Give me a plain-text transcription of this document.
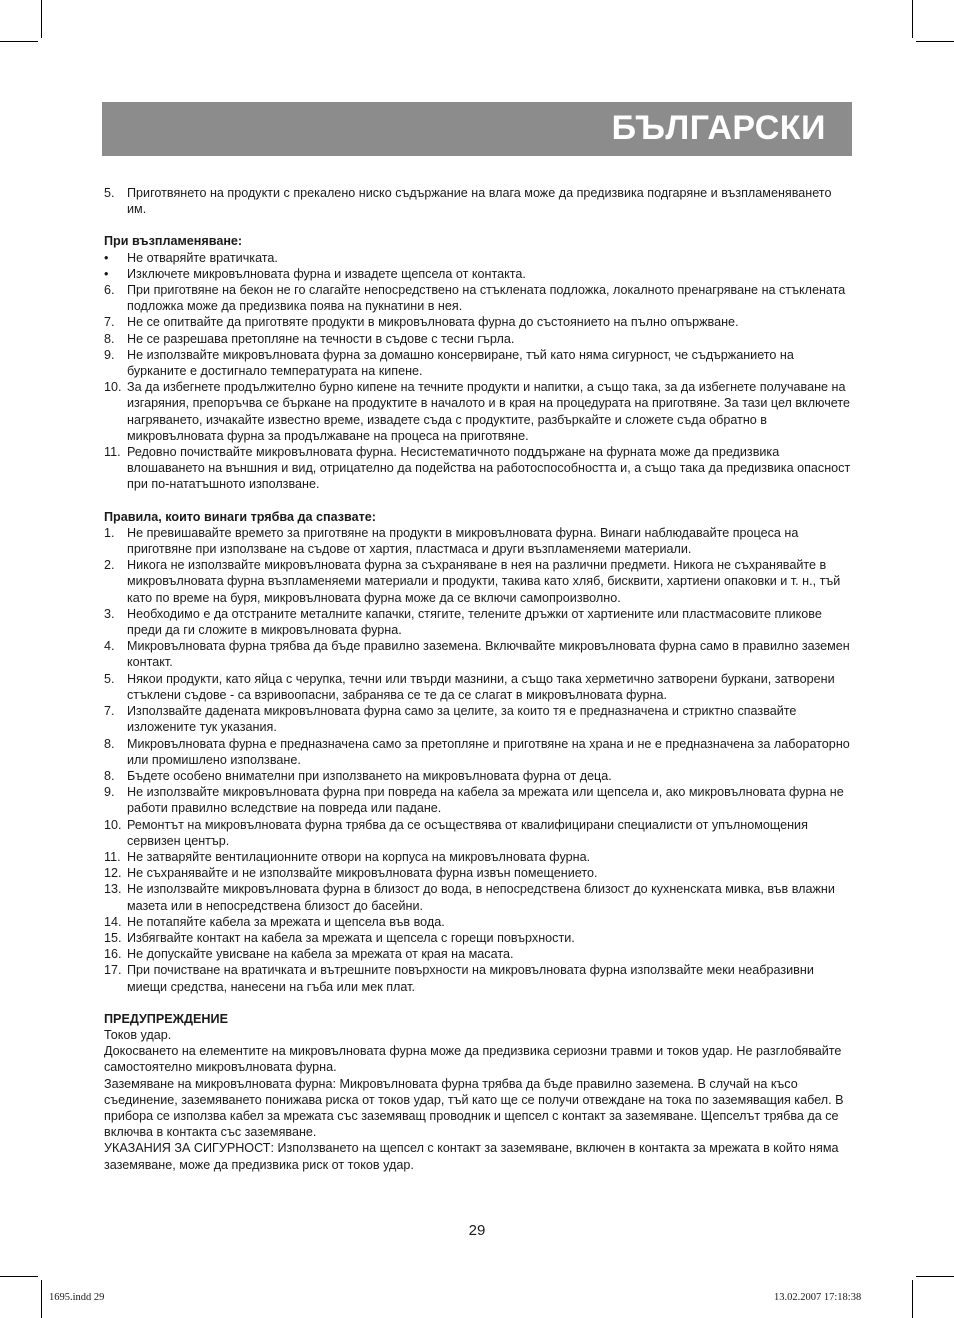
БЪЛГАРСКИ
5. Приготвянето на продукти с прекалено ниско съдържание на влага може да предизвика подгаряне и възпламеняването им.
При възпламеняване:
• Не отваряйте вратичката.
• Изключете микровълновата фурна и извадете щепсела от контакта.
6. При приготвяне на бекон не го слагайте непосредствено на стъклената подложка, локалното пренагряване на стъклената подложка може да предизвика поява на пукнатини в нея.
7. Не се опитвайте да приготвяте продукти в микровълновата фурна до състоянието на пълно опържване.
8. Не се разрешава претопляне на течности в съдове с тесни гърла.
9. Не използвайте микровълновата фурна за домашно консервиране, тъй като няма сигурност, че съдържанието на бурканите е достигнало температурата на кипене.
10. За да избегнете продължително бурно кипене на течните продукти и напитки, а също така, за да избегнете получаване на изгаряния, препоръчва се бъркане на продуктите в началото и в края на процедурата на приготвяне. За тази цел включете нагряването, изчакайте известно време, извадете съда с продуктите, разбъркайте и сложете съда обратно в микровълновата фурна за продължаване на процеса на приготвяне.
11. Редовно почиствайте микровълновата фурна. Несистематичното поддържане на фурната може да предизвика влошаването на външния и вид, отрицателно да подейства на работоспособността и, а също така да предизвика опасност при по-нататъшното използване.
Правила, които винаги трябва да спазвате:
1. Не превишавайте времето за приготвяне на продукти в микровълновата фурна. Винаги наблюдавайте процеса на приготвяне при използване на съдове от хартия, пластмаса и други възпламеняеми материали.
2. Никога не използвайте микровълновата фурна за съхраняване в нея на различни предмети. Никога не съхранявайте в микровълновата фурна възпламеняеми материали и продукти, такива като хляб, бисквити, хартиени опаковки и т. н., тъй като по време на буря, микровълновата фурна може да се включи самопроизволно.
3. Необходимо е да отстраните металните капачки, стягите, телените дръжки от хартиените или пластмасовите пликове преди да ги сложите в микровълновата фурна.
4. Микровълновата фурна трябва да бъде правилно заземена. Включвайте микровълновата фурна само в правилно заземен контакт.
5. Някои продукти, като яйца с черупка, течни или твърди мазнини, а също така херметично затворени буркани, затворени стъклени съдове - са взривоопасни, забранява се те да се слагат в микровълновата фурна.
7. Използвайте дадената микровълновата фурна само за целите, за които тя е предназначена и стриктно спазвайте изложените тук указания.
8. Микровълновата фурна е предназначена само за претопляне и приготвяне на храна и не е предназначена за лабораторно или промишлено използване.
8. Бъдете особено внимателни при използването на микровълновата фурна от деца.
9. Не използвайте микровълновата фурна при повреда на кабела за мрежата или щепсела и, ако микровълновата фурна не работи правилно вследствие на повреда или падане.
10. Ремонтът на микровълновата фурна трябва да се осъществява от квалифицирани специалисти от упълномощения сервизен център.
11. Не затваряйте вентилационните отвори на корпуса на микровълновата фурна.
12. Не съхранявайте и не използвайте микровълновата фурна извън помещението.
13. Не използвайте микровълновата фурна в близост до вода, в непосредствена близост до кухненската мивка, във влажни мазета или в непосредствена близост до басейни.
14. Не потапяйте кабела за мрежата и щепсела във вода.
15. Избягвайте контакт на кабела за мрежата и щепсела с горещи повърхности.
16. Не допускайте увисване на кабела за мрежата от края на масата.
17. При почистване на вратичката и вътрешните повърхности на микровълновата фурна използвайте меки неабразивни миещи средства, нанесени на гъба или мек плат.
ПРЕДУПРЕЖДЕНИЕ
Токов удар.
Докосването на елементите на микровълновата фурна може да предизвика сериозни травми и токов удар. Не разглобявайте самостоятелно микровълновата фурна.
Заземяване на микровълновата фурна: Микровълновата фурна трябва да бъде правилно заземена. В случай на късо съединение, заземяването понижава риска от токов удар, тъй като ще се получи отвеждане на тока по заземяващия кабел. В прибора се използва кабел за мрежата със заземяващ проводник и щепсел с контакт за заземяване. Щепселът трябва да се включва в контакта със заземяване.
УКАЗАНИЯ ЗА СИГУРНОСТ: Използването на щепсел с контакт за заземяване, включен в контакта за мрежата в който няма заземяване, може да предизвика риск от токов удар.
29
1695.indd 29	13.02.2007 17:18:38
